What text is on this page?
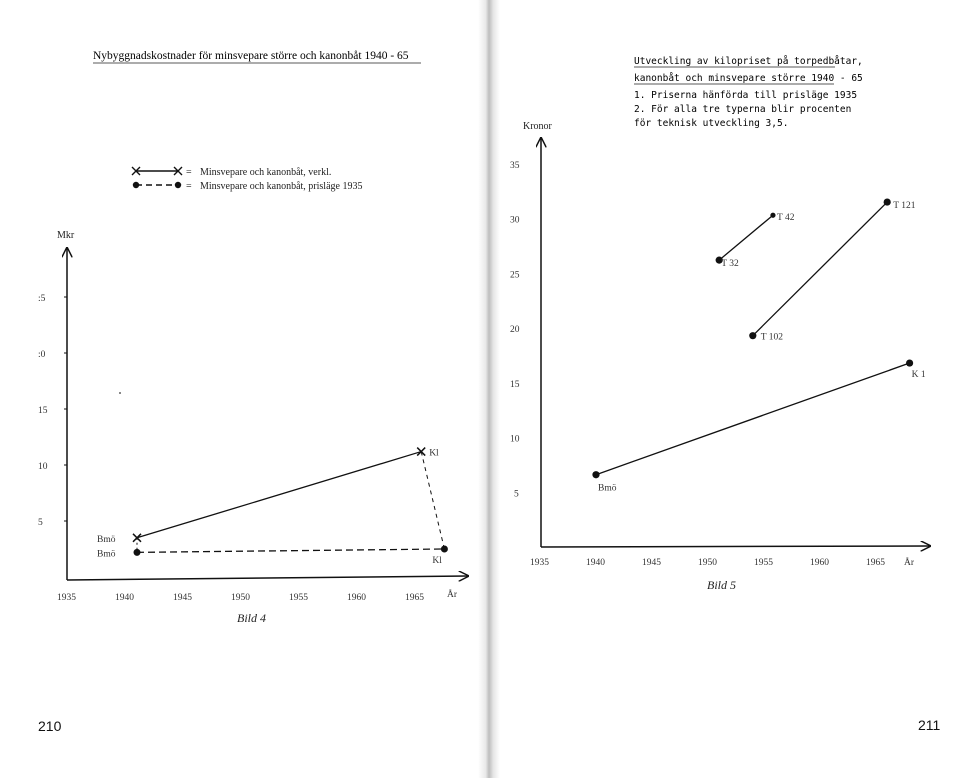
Nybyggnadskostnader för minsvepare större och kanonbåt 1940 - 65
= Minsvepare och kanonbåt, verkl.
= Minsvepare och kanonbåt, prisläge 1935
Mkr
År
5
10
15
:0
:5
1935	1940	1945	1950	1955	1960	1965
Bmö
Kl
Bmö
Kl
Bild 4
210
Utveckling av kilopriset på torpedbåtar,
kanonbåt och minsvepare större 1940 - 65
1. Priserna hänförda till prisläge 1935
2. För alla tre typerna blir procenten
för teknisk utveckling 3,5.
Kronor
År
5
10
15
20
25
30
35
1935	1940	1945	1950	1955	1960	1965
T 32
T 42
T 102
T 121
Bmö
K 1
Bild 5
211
